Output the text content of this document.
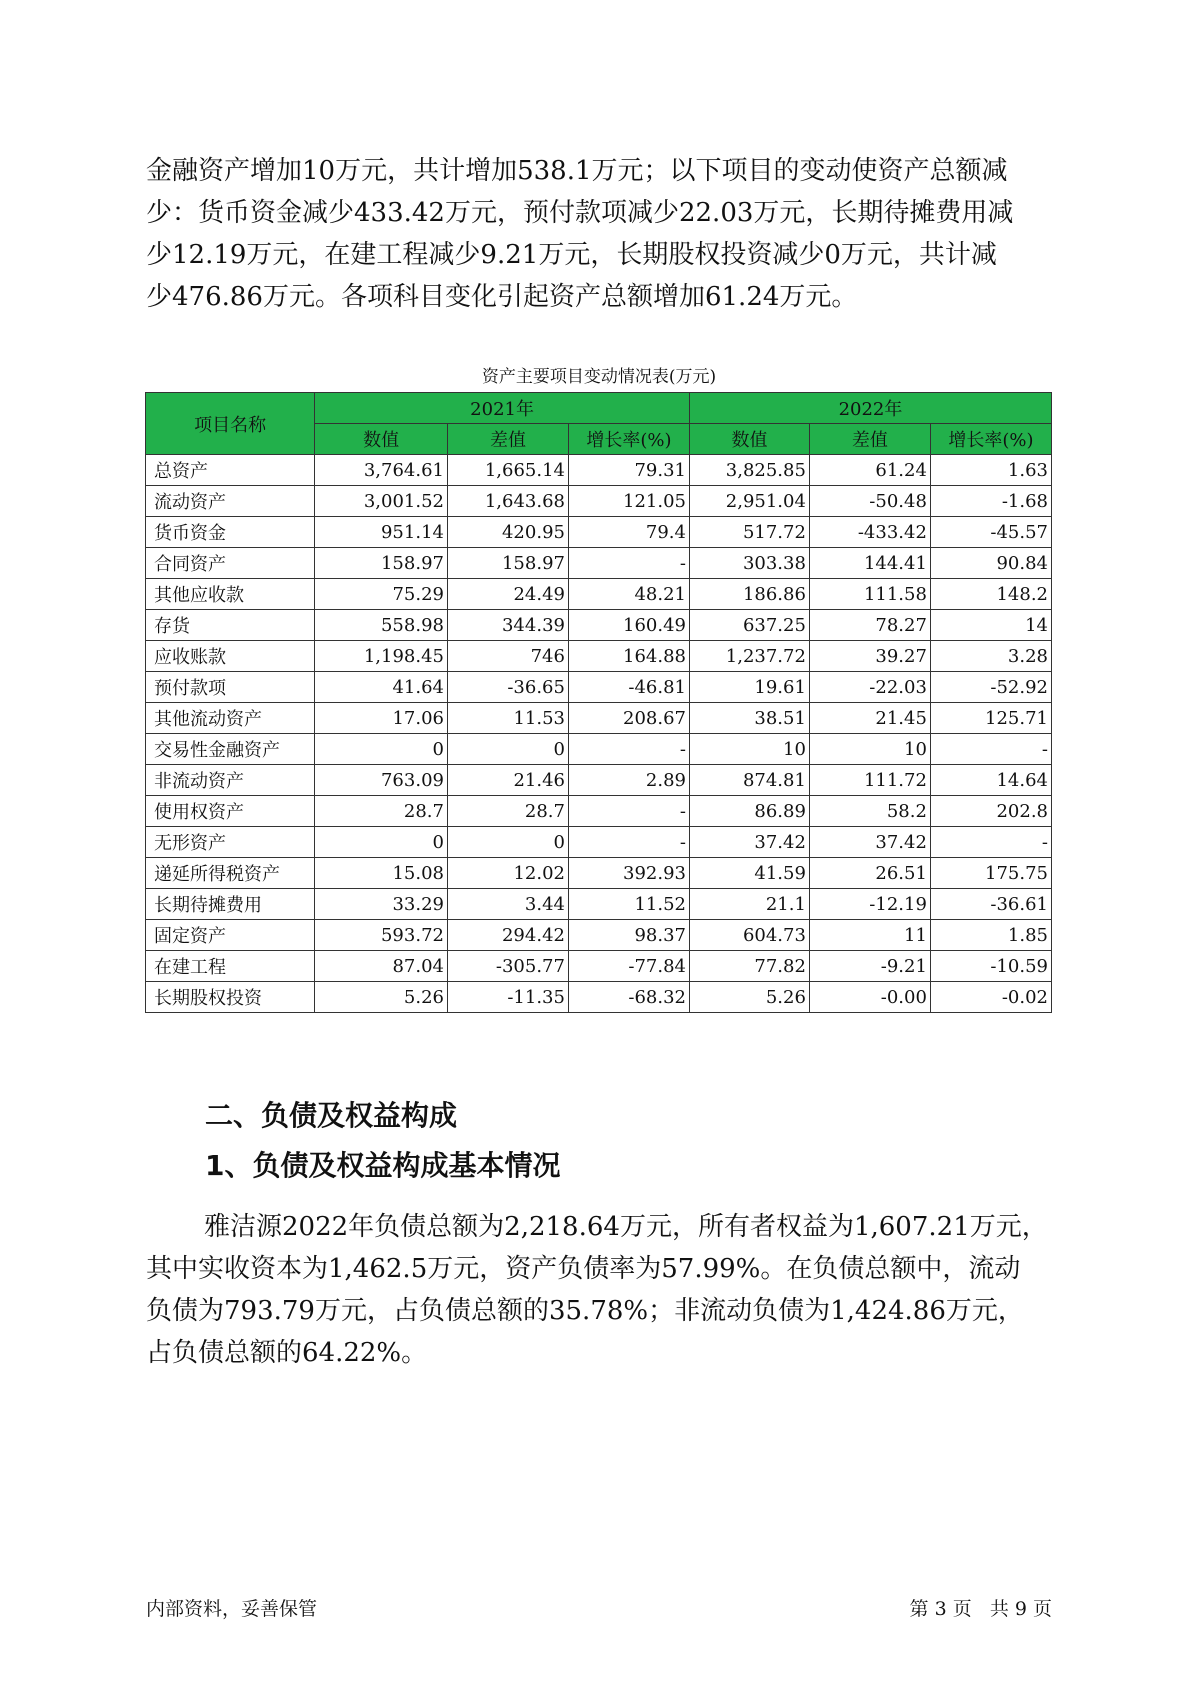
金融资产增加10万元，共计增加538.1万元；以下项目的变动使资产总额减
少：货币资金减少433.42万元，预付款项减少22.03万元，长期待摊费用减
少12.19万元，在建工程减少9.21万元，长期股权投资减少0万元，共计减
少476.86万元。各项科目变化引起资产总额增加61.24万元。
资产主要项目变动情况表(万元)
项目名称	2021年			2022年		
	数值	差值	增长率(%)	数值	差值	增长率(%)
总资产	3,764.61	1,665.14	79.31	3,825.85	61.24	1.63
流动资产	3,001.52	1,643.68	121.05	2,951.04	-50.48	-1.68
货币资金	951.14	420.95	79.4	517.72	-433.42	-45.57
合同资产	158.97	158.97	-	303.38	144.41	90.84
其他应收款	75.29	24.49	48.21	186.86	111.58	148.2
存货	558.98	344.39	160.49	637.25	78.27	14
应收账款	1,198.45	746	164.88	1,237.72	39.27	3.28
预付款项	41.64	-36.65	-46.81	19.61	-22.03	-52.92
其他流动资产	17.06	11.53	208.67	38.51	21.45	125.71
交易性金融资产	0	0	-	10	10	-
非流动资产	763.09	21.46	2.89	874.81	111.72	14.64
使用权资产	28.7	28.7	-	86.89	58.2	202.8
无形资产	0	0	-	37.42	37.42	-
递延所得税资产	15.08	12.02	392.93	41.59	26.51	175.75
长期待摊费用	33.29	3.44	11.52	21.1	-12.19	-36.61
固定资产	593.72	294.42	98.37	604.73	11	1.85
在建工程	87.04	-305.77	-77.84	77.82	-9.21	-10.59
长期股权投资	5.26	-11.35	-68.32	5.26	-0.00	-0.02
二、负债及权益构成
1、负债及权益构成基本情况
雅洁源2022年负债总额为2,218.64万元，所有者权益为1,607.21万元，
其中实收资本为1,462.5万元，资产负债率为57.99%。在负债总额中，流动
负债为793.79万元，占负债总额的35.78%；非流动负债为1,424.86万元，
占负债总额的64.22%。
内部资料，妥善保管	第 3 页   共 9 页
